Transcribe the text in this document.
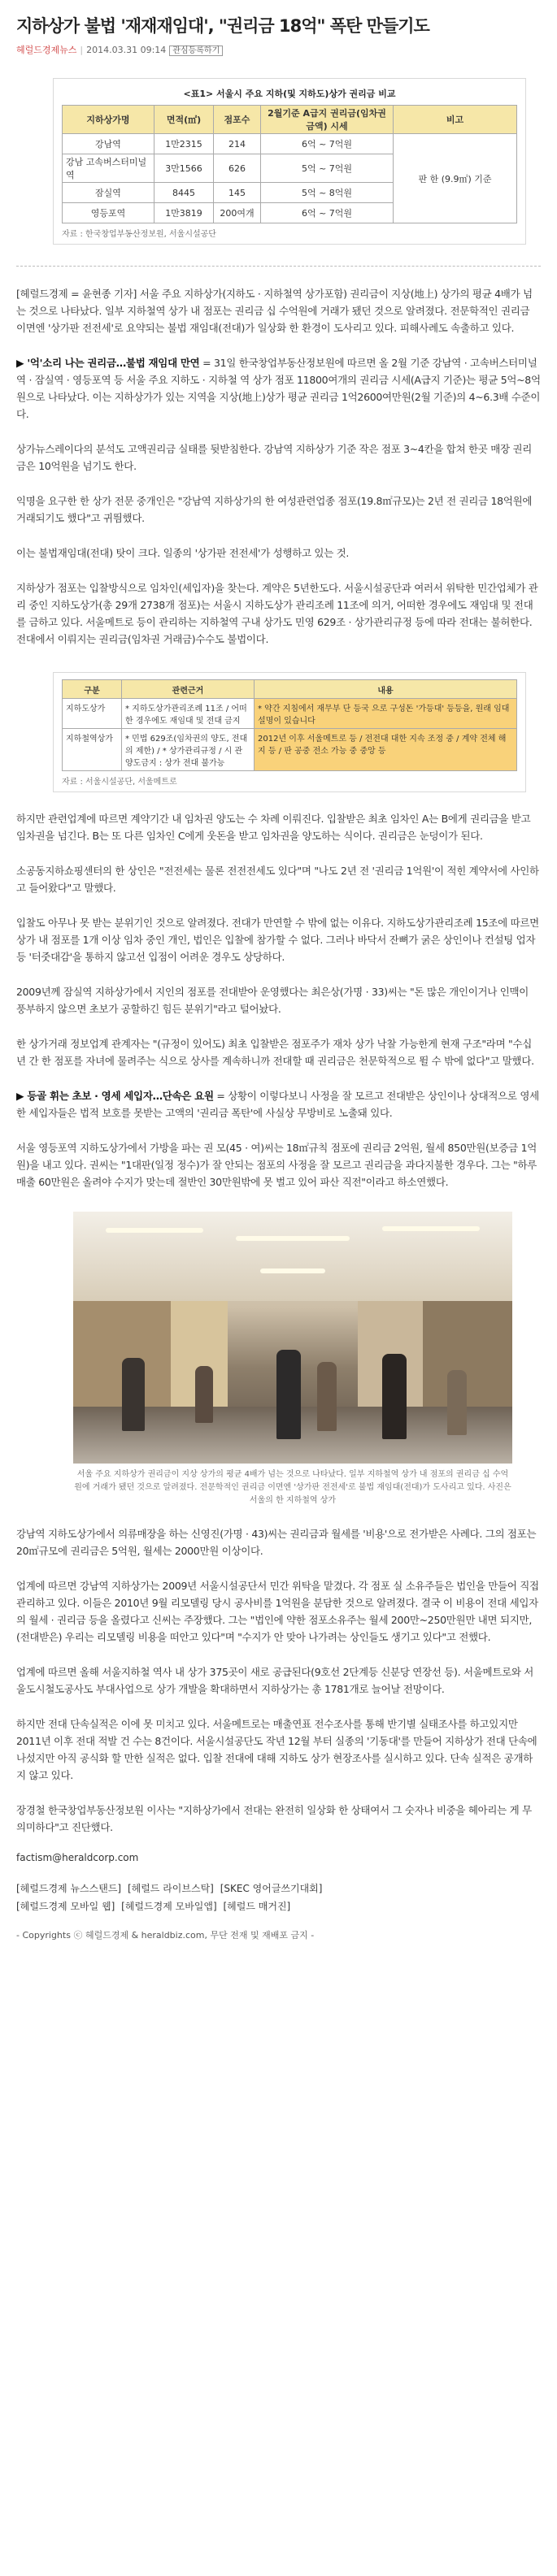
지하상가 불법 '재재재임대', "권리금 18억" 폭탄 만들기도
헤럴드경제뉴스 | 2014.03.31 09:14 관심등록하기
<표1> 서울시 주요 지하(및 지하도)상가 권리금 비교
지하상가명	면적(㎡)	점포수	2월기준 A급지 권리금(임차권 금액) 시세	비고
강남역	1만2315	214	6억 ~ 7억원	판 한 (9.9㎡) 기준
강남 고속버스터미널역	3만1566	626	5억 ~ 7억원	
잠실역	8445	145	5억 ~ 8억원	
영등포역	1만3819	200여개	6억 ~ 7억원	
자료 : 한국창업부동산정보원, 서울시설공단

[헤럴드경제 = 윤현종 기자] 서울 주요 지하상가(지하도 · 지하철역 상가포함) 권리금이 지상(地上) 상가의 평균 4배가 넘는 것으로 나타났다. 일부 지하철역 상가 내 점포는 권리금 십 수억원에 거래가 됐던 것으로 알려졌다. 전문학적인 권리금 이면엔 '상가판 전전세'로 요약되는 불법 재임대(전대)가 일상화 한 환경이 도사리고 있다. 피해사례도 속출하고 있다.

▶ '억'소리 나는 권리금…불법 재임대 만연 = 31일 한국창업부동산정보원에 따르면 올 2월 기준 강남역 · 고속버스터미널역 · 잠실역 · 영등포역 등 서울 주요 지하도 · 지하철 역 상가 점포 11800여개의 권리금 시세(A급지 기준)는 평균 5억~8억원으로 나타났다. 이는 지하상가가 있는 지역을 지상(地上)상가 평균 권리금 1억2600여만원(2월 기준)의 4~6.3배 수준이다.

상가뉴스레이다의 분석도 고액권리금 실태를 뒷받침한다. 강남역 지하상가 기준 작은 점포 3~4칸을 합쳐 한곳 매장 권리금은 10억원을 넘기도 한다.

익명을 요구한 한 상가 전문 중개인은 "강남역 지하상가의 한 여성관련업종 점포(19.8㎡규모)는 2년 전 권리금 18억원에 거래되기도 했다"고 귀띔했다.

이는 불법재임대(전대) 탓이 크다. 일종의 '상가판 전전세'가 성행하고 있는 것.

지하상가 점포는 입찰방식으로 임차인(세입자)을 찾는다. 계약은 5년한도다. 서울시설공단과 여러서 위탁한 민간업체가 관리 중인 지하도상가(총 29개 2738개 점포)는 서울시 지하도상가 관리조례 11조에 의거, 어떠한 경우에도 재임대 및 전대를 금하고 있다. 서울메트로 등이 관리하는 지하철역 구내 상가도 민영 629조 · 상가관리규정 등에 따라 전대는 불허한다. 전대에서 이뤄지는 권리금(임차권 거래금)수수도 불법이다.

구분	관련근거	내용
지하도상가	* 지하도상가관리조례 11조 / 어떠한 경우에도 재임대 및 전대 금지	* 약간 지침에서 재무부 단 등국 으로 구성돈 '가등대' 등등을, 원래 임대 설명이 있습니다
지하철역상가	* 민법 629조(임차권의 양도, 전대의 제한) / * 상가관리규정 / 시 관 양도금지 : 상가 전대 불가능	2012년 이후 서울메트로 등 / 전전대 대한 지속 조정 중 / 계약 전체 해지 등 / 판 공중 전소 가능 중 중앙 등
자료 : 서울시설공단, 서울메트로

하지만 관련업계에 따르면 계약기간 내 임차권 양도는 수 차례 이뤄진다. 입찰받은 최초 임차인 A는 B에게 권리금을 받고 임차권을 넘긴다. B는 또 다른 임차인 C에게 웃돈을 받고 임차권을 양도하는 식이다. 권리금은 눈덩이가 된다.

소공동지하쇼핑센터의 한 상인은 "전전세는 물론 전전전세도 있다"며 "나도 2년 전 '권리금 1억원'이 적힌 계약서에 사인하고 들어왔다"고 말했다.

입찰도 아무나 못 받는 분위기인 것으로 알려졌다. 전대가 만연할 수 밖에 없는 이유다. 지하도상가관리조례 15조에 따르면 상가 내 점포를 1개 이상 임차 중인 개인, 법인은 입찰에 참가할 수 없다. 그러나 바닥서 잔뼈가 굵은 상인이나 컨설팅 업자 등 '터줏대감'을 통하지 않고선 입점이 어려운 경우도 상당하다.

2009년께 잠실역 지하상가에서 지인의 점포를 전대받아 운영했다는 최은상(가명 · 33)씨는 "돈 많은 개인이거나 인맥이 풍부하지 않으면 초보가 공할하긴 힘든 분위기"라고 털어놨다.

한 상가거래 정보업계 관계자는 "(규정이 있어도) 최초 입찰받은 점포주가 재차 상가 낙찰 가능한게 현재 구조"라며 "수십년 간 한 점포를 자녀에 물려주는 식으로 상사를 계속하니까 전대할 때 권리금은 천문학적으로 뛸 수 밖에 없다"고 말했다.

▶ 등골 휘는 초보 · 영세 세입자…단속은 요원 = 상황이 이렇다보니 사정을 잘 모르고 전대받은 상인이나 상대적으로 영세한 세입자들은 법적 보호를 못받는 고액의 '권리금 폭탄'에 사실상 무방비로 노출돼 있다.

서울 영등포역 지하도상가에서 가방을 파는 권 모(45 · 여)씨는 18㎡규칙 점포에 권리금 2억원, 월세 850만원(보증금 1억원)을 내고 있다. 권씨는 "1대판(일정 정수)가 잘 안되는 점포의 사정을 잘 모르고 권리금을 과다지불한 경우다. 그는 "하루 매출 60만원은 올려야 수지가 맞는데 절반인 30만원밖에 못 벌고 있어 파산 직전"이라고 하소연했다.

서울 주요 지하상가 권리금이 지상 상가의 평균 4배가 넘는 것으로 나타났다. 일부 지하철역 상가 내 점포의 권리금 십 수억원에 거래가 됐던 것으로 알려졌다. 전문학적인 권리금 이면엔 '상가판 전전세'로 불법 재임대(전대)가 도사리고 있다. 사진은 서울의 한 지하철역 상가

강남역 지하도상가에서 의류매장을 하는 신영진(가명 · 43)씨는 권리금과 월세를 '비용'으로 전가받은 사례다. 그의 점포는 20㎡규모에 권리금은 5억원, 월세는 2000만원 이상이다.

업계에 따르면 강남역 지하상가는 2009년 서울시설공단서 민간 위탁을 맡겼다. 각 점포 실 소유주들은 법인을 만들어 직접 관리하고 있다. 이들은 2010년 9월 리모델링 당시 공사비를 1억원을 분담한 것으로 알려졌다. 결국 이 비용이 전대 세입자의 월세 · 권리금 등을 올렸다고 신씨는 주장했다. 그는 "법인에 약한 점포소유주는 월세 200만~250만원만 내면 되지만, (전대받은) 우리는 리모델링 비용을 떠안고 있다"며 "수지가 안 맞아 나가려는 상인들도 생기고 있다"고 전했다.

업계에 따르면 올해 서울지하철 역사 내 상가 375곳이 새로 공급된다(9호선 2단계등 신분당 연장선 등). 서울메트로와 서울도시철도공사도 부대사업으로 상가 개발을 확대하면서 지하상가는 총 1781개로 늘어날 전망이다.

하지만 전대 단속실적은 이에 못 미치고 있다. 서울메트로는 매출연표 전수조사를 통해 반기별 실태조사를 하고있지만 2011년 이후 전대 적발 건 수는 8건이다. 서울시설공단도 작년 12월 부터 실종의 '기동대'를 만들어 지하상가 전대 단속에 나섰지만 아직 공식화 할 만한 실적은 없다. 입찰 전대에 대해 지하도 상가 현장조사를 실시하고 있다. 단속 실적은 공개하지 않고 있다.

장경철 한국창업부동산정보원 이사는 "지하상가에서 전대는 완전히 일상화 한 상태여서 그 숫자나 비중을 헤아리는 게 무의미하다"고 진단했다.

factism@heraldcorp.com
[헤럴드경제 뉴스스탠드] [헤럴드 라이브스탁] [SKEC 영어글쓰기대회]
[헤럴드경제 모바일 웹] [헤럴드경제 모바일앱] [헤럴드 매거진]
- Copyrights ⓒ 헤럴드경제 & heraldbiz.com, 무단 전재 및 재배포 금지 -
